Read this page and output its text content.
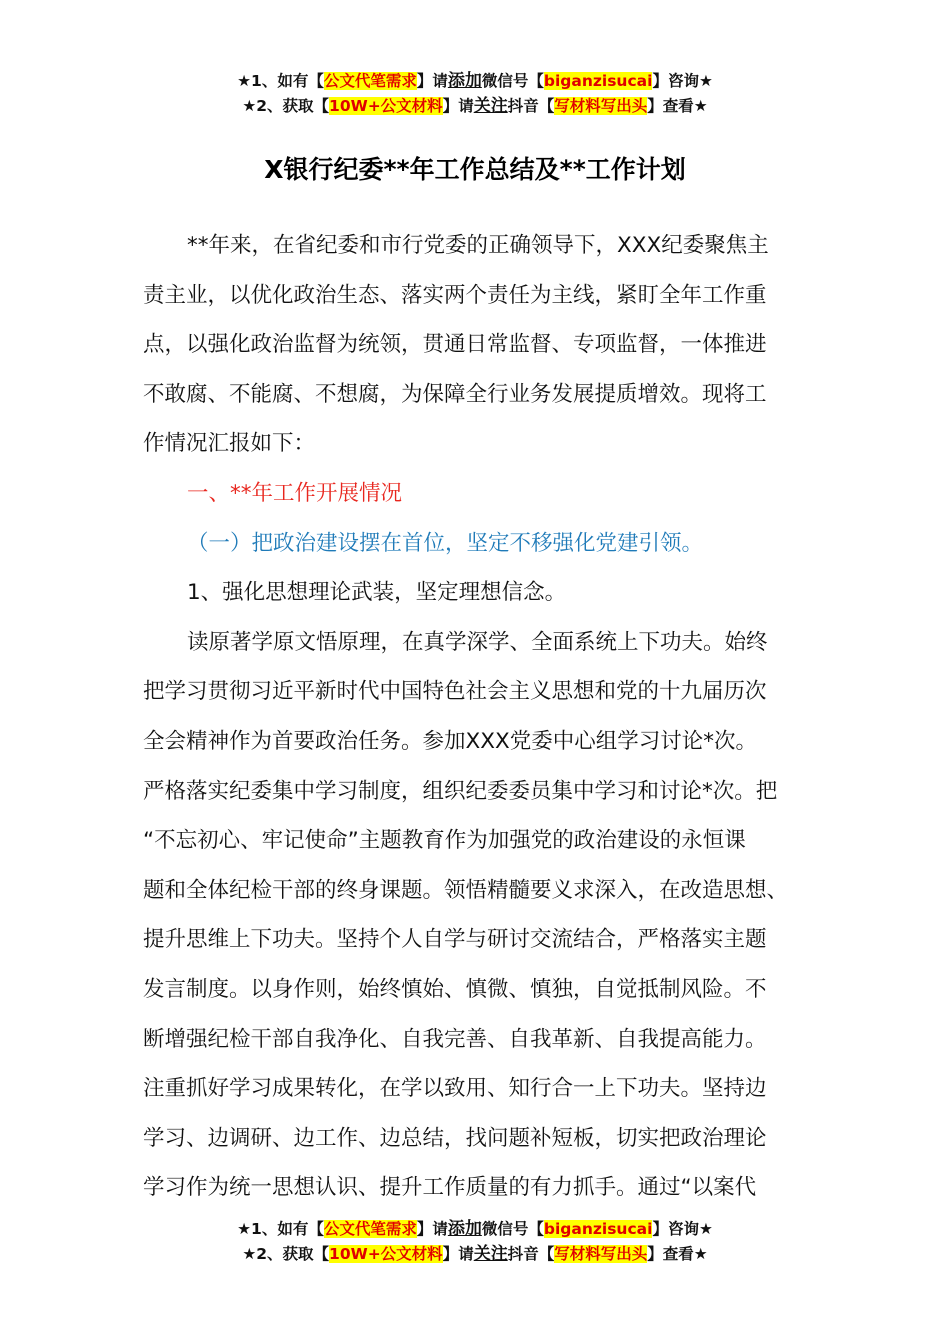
★1、如有【公文代笔需求】请添加微信号【biganzisucai】咨询★
★2、获取【10W+公文材料】请关注抖音【写材料写出头】查看★
X银行纪委**年工作总结及**工作计划
**年来，在省纪委和市行党委的正确领导下，XXX纪委聚焦主
责主业，以优化政治生态、落实两个责任为主线，紧盯全年工作重
点，以强化政治监督为统领，贯通日常监督、专项监督，一体推进
不敢腐、不能腐、不想腐，为保障全行业务发展提质增效。现将工
作情况汇报如下：
一、**年工作开展情况
（一）把政治建设摆在首位，坚定不移强化党建引领。
1、强化思想理论武装，坚定理想信念。
读原著学原文悟原理，在真学深学、全面系统上下功夫。始终
把学习贯彻习近平新时代中国特色社会主义思想和党的十九届历次
全会精神作为首要政治任务。参加XXX党委中心组学习讨论*次。
严格落实纪委集中学习制度，组织纪委委员集中学习和讨论*次。把
“不忘初心、牢记使命”主题教育作为加强党的政治建设的永恒课
题和全体纪检干部的终身课题。领悟精髓要义求深入，在改造思想、
提升思维上下功夫。坚持个人自学与研讨交流结合，严格落实主题
发言制度。以身作则，始终慎始、慎微、慎独，自觉抵制风险。不
断增强纪检干部自我净化、自我完善、自我革新、自我提高能力。
注重抓好学习成果转化，在学以致用、知行合一上下功夫。坚持边
学习、边调研、边工作、边总结，找问题补短板，切实把政治理论
学习作为统一思想认识、提升工作质量的有力抓手。通过“以案代
★1、如有【公文代笔需求】请添加微信号【biganzisucai】咨询★
★2、获取【10W+公文材料】请关注抖音【写材料写出头】查看★
